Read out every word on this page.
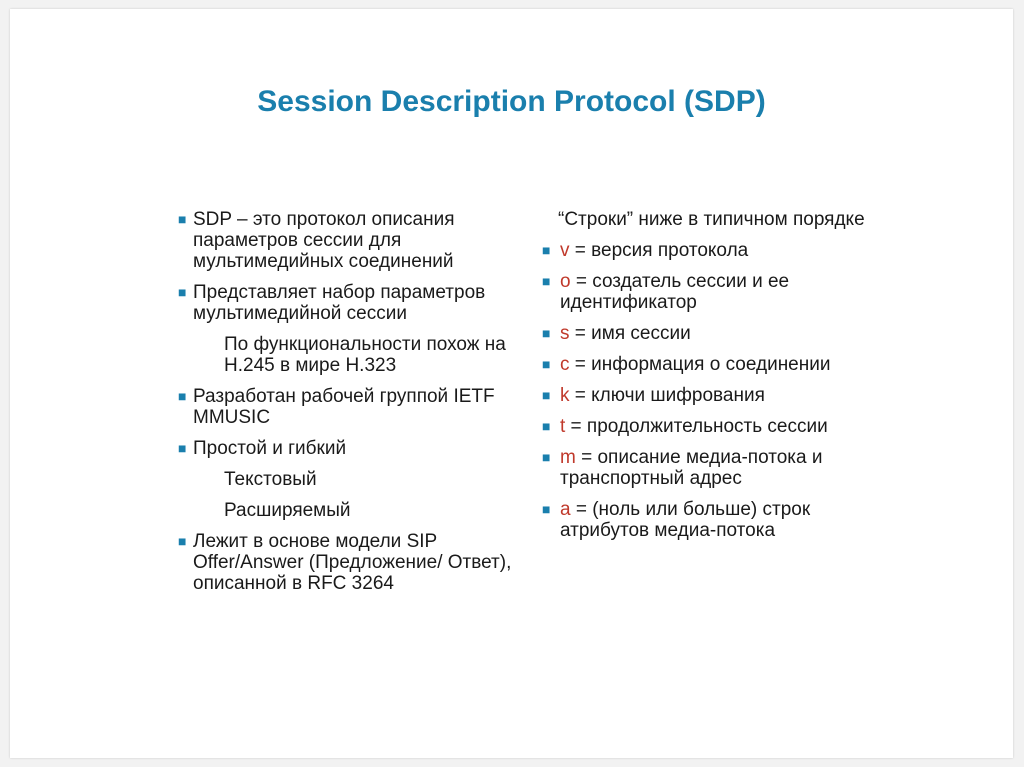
Session Description Protocol (SDP)
■ SDP – это протокол описания параметров сессии для мультимедийных соединений
■ Представляет набор параметров мультимедийной сессии
По функциональности похож на H.245 в мире H.323
■ Разработан рабочей группой IETF MMUSIC
■ Простой и гибкий
Текстовый
Расширяемый
■ Лежит в основе модели SIP Offer/Answer (Предложение/ Ответ), описанной в RFC 3264
“Строки” ниже в типичном порядке
■ v = версия протокола
■ o = создатель сессии и ее идентификатор
■ s = имя сессии
■ c = информация о соединении
■ k = ключи шифрования
■ t = продолжительность сессии
■ m = описание медиа-потока и транспортный адрес
■ a = (ноль или больше) строк атрибутов медиа-потока
